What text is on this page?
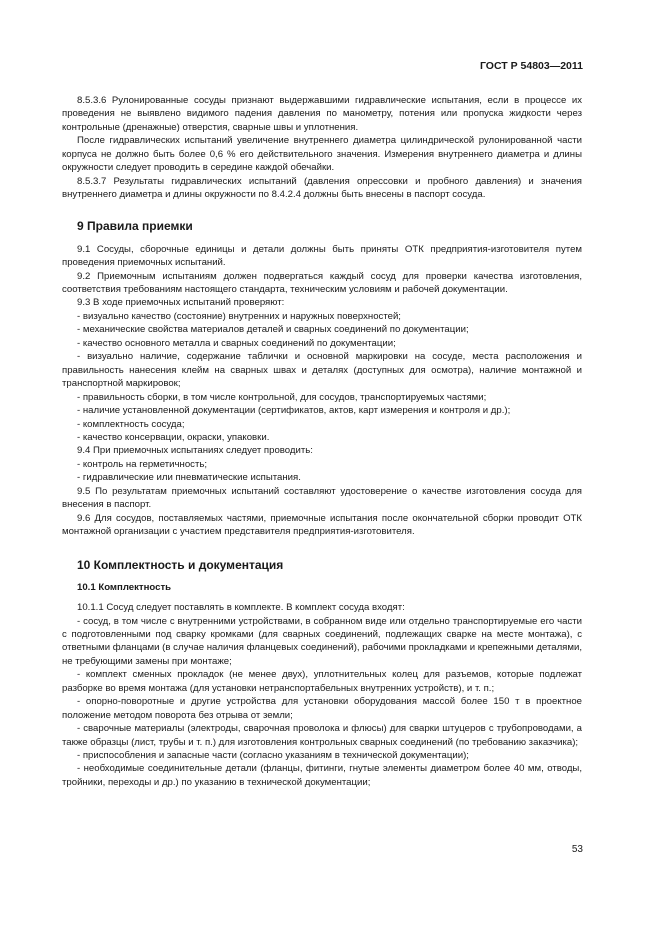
ГОСТ Р 54803—2011

8.5.3.6 Рулонированные сосуды признают выдержавшими гидравлические испытания, если в процессе их проведения не выявлено видимого падения давления по манометру, потения или пропуска жидкости через контрольные (дренажные) отверстия, сварные швы и уплотнения.

После гидравлических испытаний увеличение внутреннего диаметра цилиндрической рулонированной части корпуса не должно быть более 0,6 % его действительного значения. Измерения внутреннего диаметра и длины окружности следует проводить в середине каждой обечайки.

8.5.3.7 Результаты гидравлических испытаний (давления опрессовки и пробного давления) и значения внутреннего диаметра и длины окружности по 8.4.2.4 должны быть внесены в паспорт сосуда.

9 Правила приемки

9.1 Сосуды, сборочные единицы и детали должны быть приняты ОТК предприятия-изготовителя путем проведения приемочных испытаний.

9.2 Приемочным испытаниям должен подвергаться каждый сосуд для проверки качества изготовления, соответствия требованиям настоящего стандарта, техническим условиям и рабочей документации.

9.3 В ходе приемочных испытаний проверяют:

- визуально качество (состояние) внутренних и наружных поверхностей;

- механические свойства материалов деталей и сварных соединений по документации;

- качество основного металла и сварных соединений по документации;

- визуально наличие, содержание таблички и основной маркировки на сосуде, места расположения и правильность нанесения клейм на сварных швах и деталях (доступных для осмотра), наличие монтажной и транспортной маркировок;

- правильность сборки, в том числе контрольной, для сосудов, транспортируемых частями;

- наличие установленной документации (сертификатов, актов, карт измерения и контроля и др.);

- комплектность сосуда;

- качество консервации, окраски, упаковки.

9.4 При приемочных испытаниях следует проводить:

- контроль на герметичность;

- гидравлические или пневматические испытания.

9.5 По результатам приемочных испытаний составляют удостоверение о качестве изготовления сосуда для внесения в паспорт.

9.6 Для сосудов, поставляемых частями, приемочные испытания после окончательной сборки проводит ОТК монтажной организации с участием представителя предприятия-изготовителя.

10 Комплектность и документация
10.1 Комплектность

10.1.1 Сосуд следует поставлять в комплекте. В комплект сосуда входят:

- сосуд, в том числе с внутренними устройствами, в собранном виде или отдельно транспортируемые его части с подготовленными под сварку кромками (для сварных соединений, подлежащих сварке на месте монтажа), с ответными фланцами (в случае наличия фланцевых соединений), рабочими прокладками и крепежными деталями, не требующими замены при монтаже;

- комплект сменных прокладок (не менее двух), уплотнительных колец для разъемов, которые подлежат разборке во время монтажа (для установки нетранспортабельных внутренних устройств), и т. п.;

- опорно-поворотные и другие устройства для установки оборудования массой более 150 т в проектное положение методом поворота без отрыва от земли;

- сварочные материалы (электроды, сварочная проволока и флюсы) для сварки штуцеров с трубопроводами, а также образцы (лист, трубы и т. п.) для изготовления контрольных сварных соединений (по требованию заказчика);

- приспособления и запасные части (согласно указаниям в технической документации);

- необходимые соединительные детали (фланцы, фитинги, гнутые элементы диаметром более 40 мм, отводы, тройники, переходы и др.) по указанию в технической документации;

53
